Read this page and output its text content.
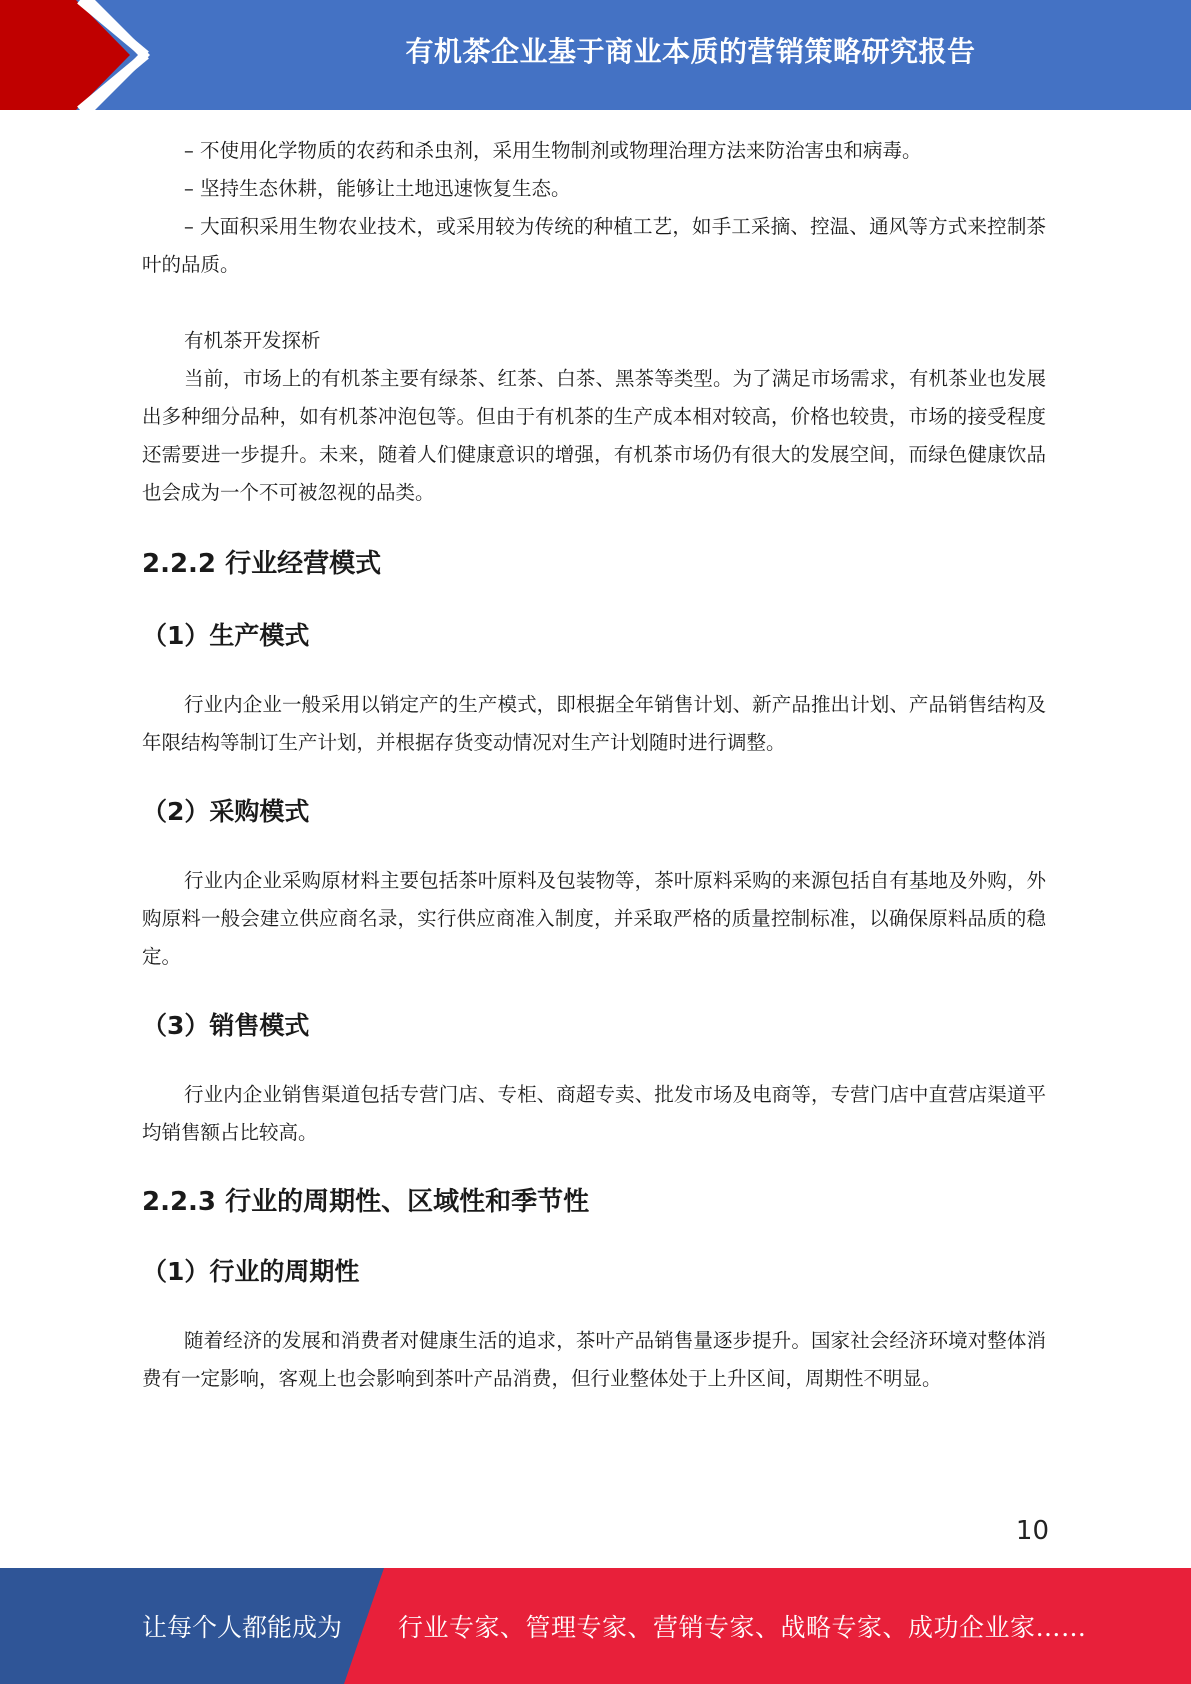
有机茶企业基于商业本质的营销策略研究报告

– 不使用化学物质的农药和杀虫剂，采用生物制剂或物理治理方法来防治害虫和病毒。

– 坚持生态休耕，能够让土地迅速恢复生态。

– 大面积采用生物农业技术，或采用较为传统的种植工艺，如手工采摘、控温、通风等方式来控制茶叶的品质。

有机茶开发探析

当前，市场上的有机茶主要有绿茶、红茶、白茶、黑茶等类型。为了满足市场需求，有机茶业也发展出多种细分品种，如有机茶冲泡包等。但由于有机茶的生产成本相对较高，价格也较贵，市场的接受程度还需要进一步提升。未来，随着人们健康意识的增强，有机茶市场仍有很大的发展空间，而绿色健康饮品也会成为一个不可被忽视的品类。

2.2.2 行业经营模式
（1）生产模式

行业内企业一般采用以销定产的生产模式，即根据全年销售计划、新产品推出计划、产品销售结构及年限结构等制订生产计划，并根据存货变动情况对生产计划随时进行调整。

（2）采购模式

行业内企业采购原材料主要包括茶叶原料及包装物等，茶叶原料采购的来源包括自有基地及外购，外购原料一般会建立供应商名录，实行供应商准入制度，并采取严格的质量控制标准，以确保原料品质的稳定。

（3）销售模式

行业内企业销售渠道包括专营门店、专柜、商超专卖、批发市场及电商等，专营门店中直营店渠道平均销售额占比较高。

2.2.3 行业的周期性、区域性和季节性
（1）行业的周期性

随着经济的发展和消费者对健康生活的追求，茶叶产品销售量逐步提升。国家社会经济环境对整体消费有一定影响，客观上也会影响到茶叶产品消费，但行业整体处于上升区间，周期性不明显。

10
让每个人都能成为 行业专家、管理专家、营销专家、战略专家、成功企业家……
